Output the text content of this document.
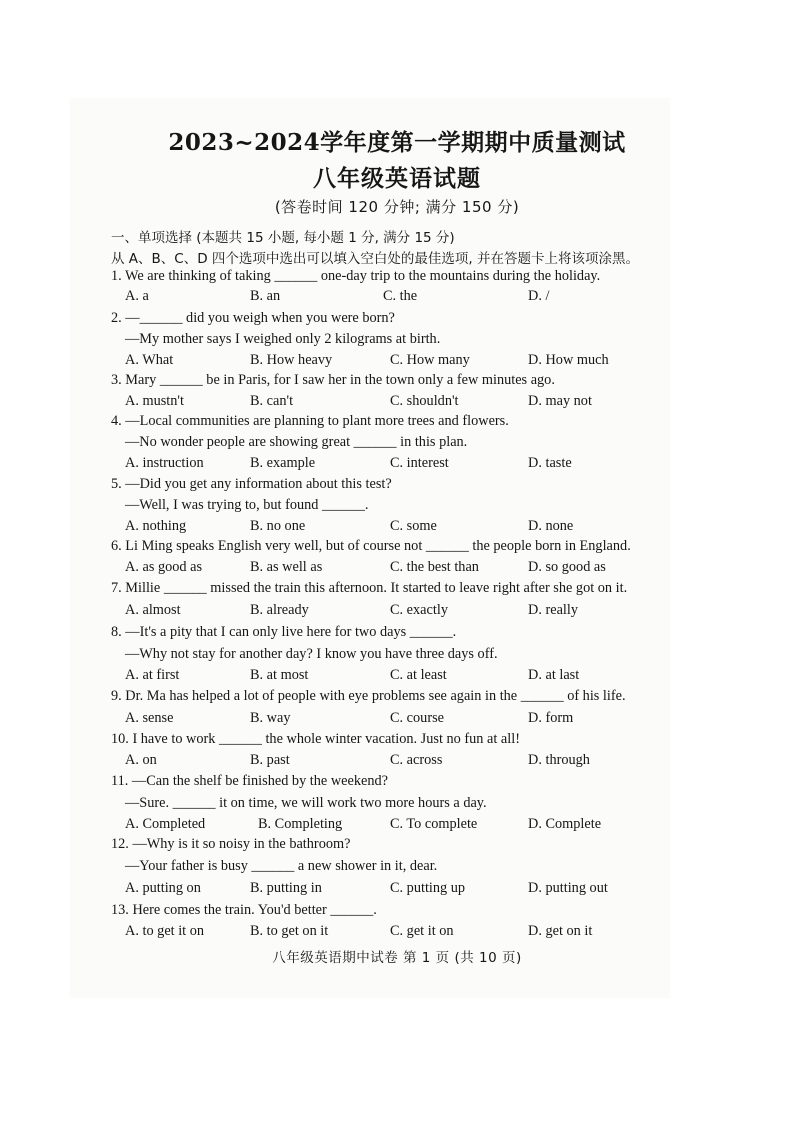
2023~2024学年度第一学期期中质量测试
八年级英语试题
(答卷时间 120 分钟; 满分 150 分)
一、单项选择 (本题共 15 小题, 每小题 1 分, 满分 15 分)
从 A、B、C、D 四个选项中选出可以填入空白处的最佳选项, 并在答题卡上将该项涂黑。
1. We are thinking of taking ______ one-day trip to the mountains during the holiday.
A. a	B. an	C. the	D. /
2. —______ did you weigh when you were born?
—My mother says I weighed only 2 kilograms at birth.
A. What	B. How heavy	C. How many	D. How much
3. Mary ______ be in Paris, for I saw her in the town only a few minutes ago.
A. mustn't	B. can't	C. shouldn't	D. may not
4. —Local communities are planning to plant more trees and flowers.
—No wonder people are showing great ______ in this plan.
A. instruction	B. example	C. interest	D. taste
5. —Did you get any information about this test?
—Well, I was trying to, but found ______.
A. nothing	B. no one	C. some	D. none
6. Li Ming speaks English very well, but of course not ______ the people born in England.
A. as good as	B. as well as	C. the best than	D. so good as
7. Millie ______ missed the train this afternoon. It started to leave right after she got on it.
A. almost	B. already	C. exactly	D. really
8. —It's a pity that I can only live here for two days ______.
—Why not stay for another day? I know you have three days off.
A. at first	B. at most	C. at least	D. at last
9. Dr. Ma has helped a lot of people with eye problems see again in the ______ of his life.
A. sense	B. way	C. course	D. form
10. I have to work ______ the whole winter vacation. Just no fun at all!
A. on	B. past	C. across	D. through
11. —Can the shelf be finished by the weekend?
—Sure. ______ it on time, we will work two more hours a day.
A. Completed	B. Completing	C. To complete	D. Complete
12. —Why is it so noisy in the bathroom?
—Your father is busy ______ a new shower in it, dear.
A. putting on	B. putting in	C. putting up	D. putting out
13. Here comes the train. You'd better ______.
A. to get it on	B. to get on it	C. get it on	D. get on it
八年级英语期中试卷 第 1 页 (共 10 页)
